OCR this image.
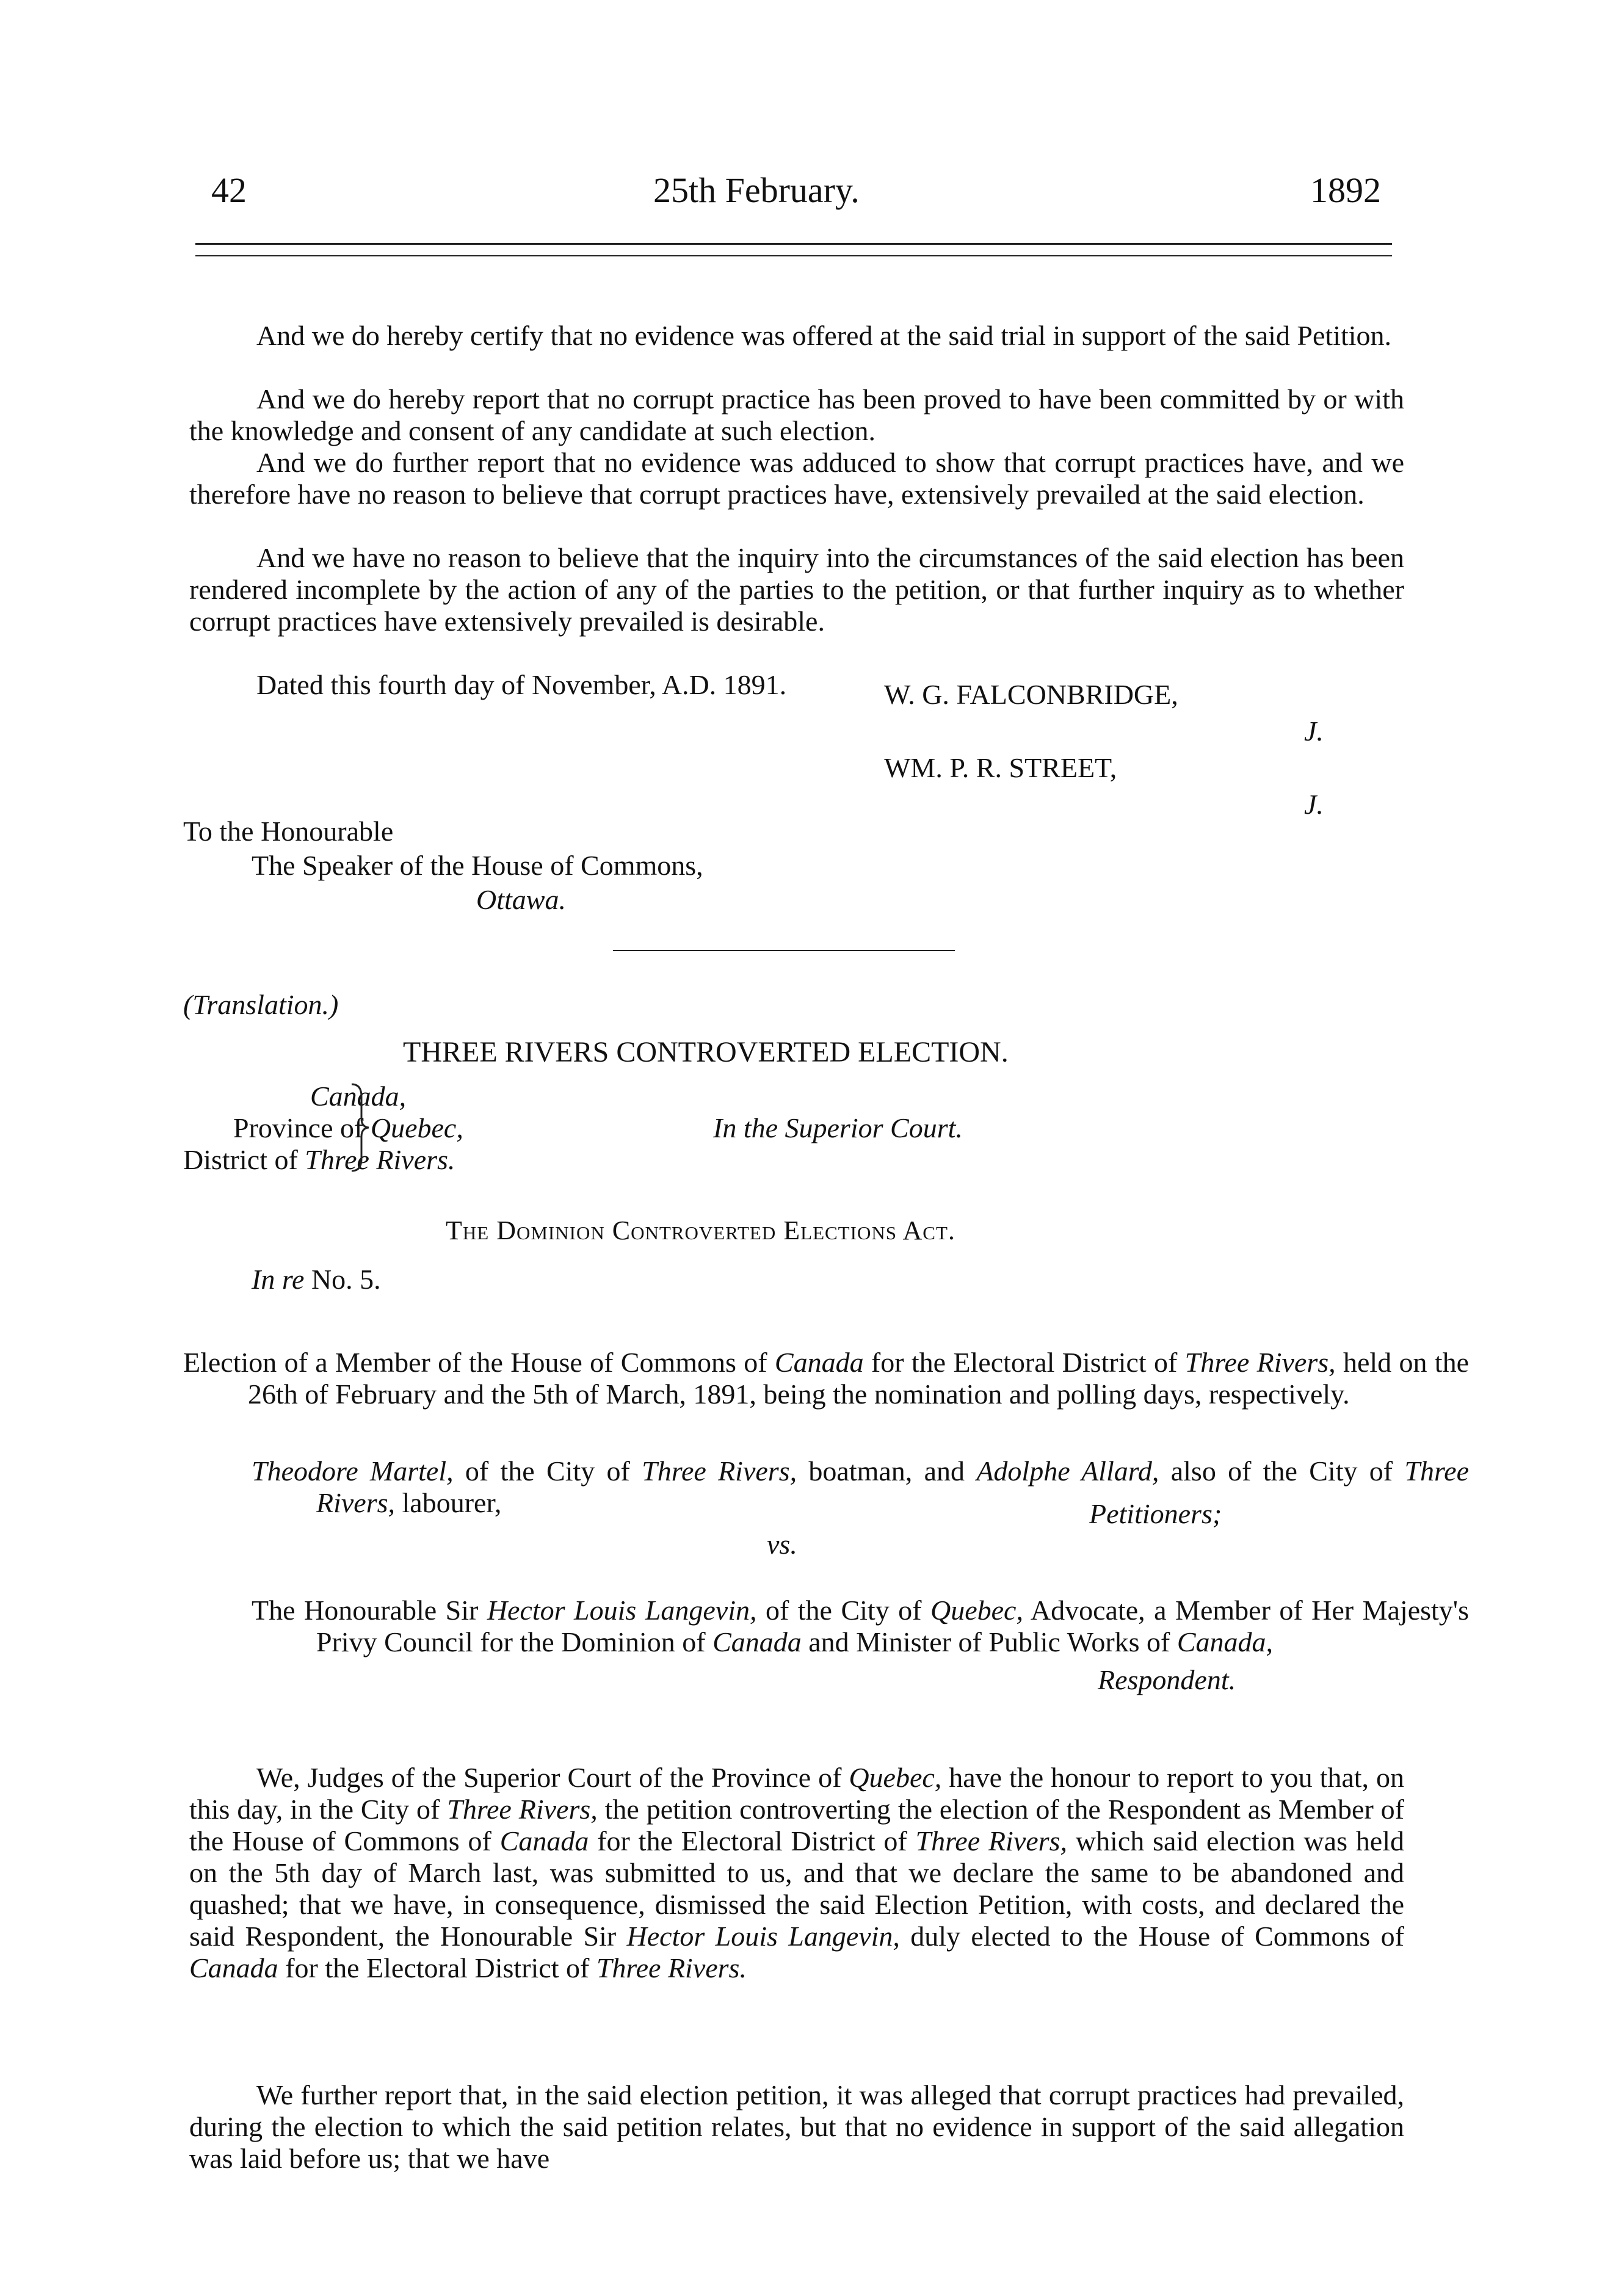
42	25th February.	1892

And we do hereby certify that no evidence was offered at the said trial in support of the said Petition.

And we do hereby report that no corrupt practice has been proved to have been committed by or with the knowledge and consent of any candidate at such election.

And we do further report that no evidence was adduced to show that corrupt practices have, and we therefore have no reason to believe that corrupt practices have, extensively prevailed at the said election.

And we have no reason to believe that the inquiry into the circumstances of the said election has been rendered incomplete by the action of any of the parties to the petition, or that further inquiry as to whether corrupt practices have extensively prevailed is desirable.

Dated this fourth day of November, A.D. 1891.	W. G. FALCONBRIDGE,
J.
WM. P. R. STREET,
J.
To the Honourable
The Speaker of the House of Commons,
Ottawa.
(Translation.)
THREE RIVERS CONTROVERTED ELECTION.
Canada,
Province of Quebec,
District of Three Rivers.
In the Superior Court.
The Dominion Controverted Elections Act.
In re No. 5.

Election of a Member of the House of Commons of Canada for the Electoral District of Three Rivers, held on the 26th of February and the 5th of March, 1891, being the nomination and polling days, respectively.

Theodore Martel, of the City of Three Rivers, boatman, and Adolphe Allard, also of the City of Three Rivers, labourer,	Petitioners;
vs.

The Honourable Sir Hector Louis Langevin, of the City of Quebec, Advocate, a Member of Her Majesty's Privy Council for the Dominion of Canada and Minister of Public Works of Canada,

Respondent.

We, Judges of the Superior Court of the Province of Quebec, have the honour to report to you that, on this day, in the City of Three Rivers, the petition controverting the election of the Respondent as Member of the House of Commons of Canada for the Electoral District of Three Rivers, which said election was held on the 5th day of March last, was submitted to us, and that we declare the same to be abandoned and quashed; that we have, in consequence, dismissed the said Election Petition, with costs, and declared the said Respondent, the Honourable Sir Hector Louis Langevin, duly elected to the House of Commons of Canada for the Electoral District of Three Rivers.

We further report that, in the said election petition, it was alleged that corrupt practices had prevailed, during the election to which the said petition relates, but that no evidence in support of the said allegation was laid before us; that we have
